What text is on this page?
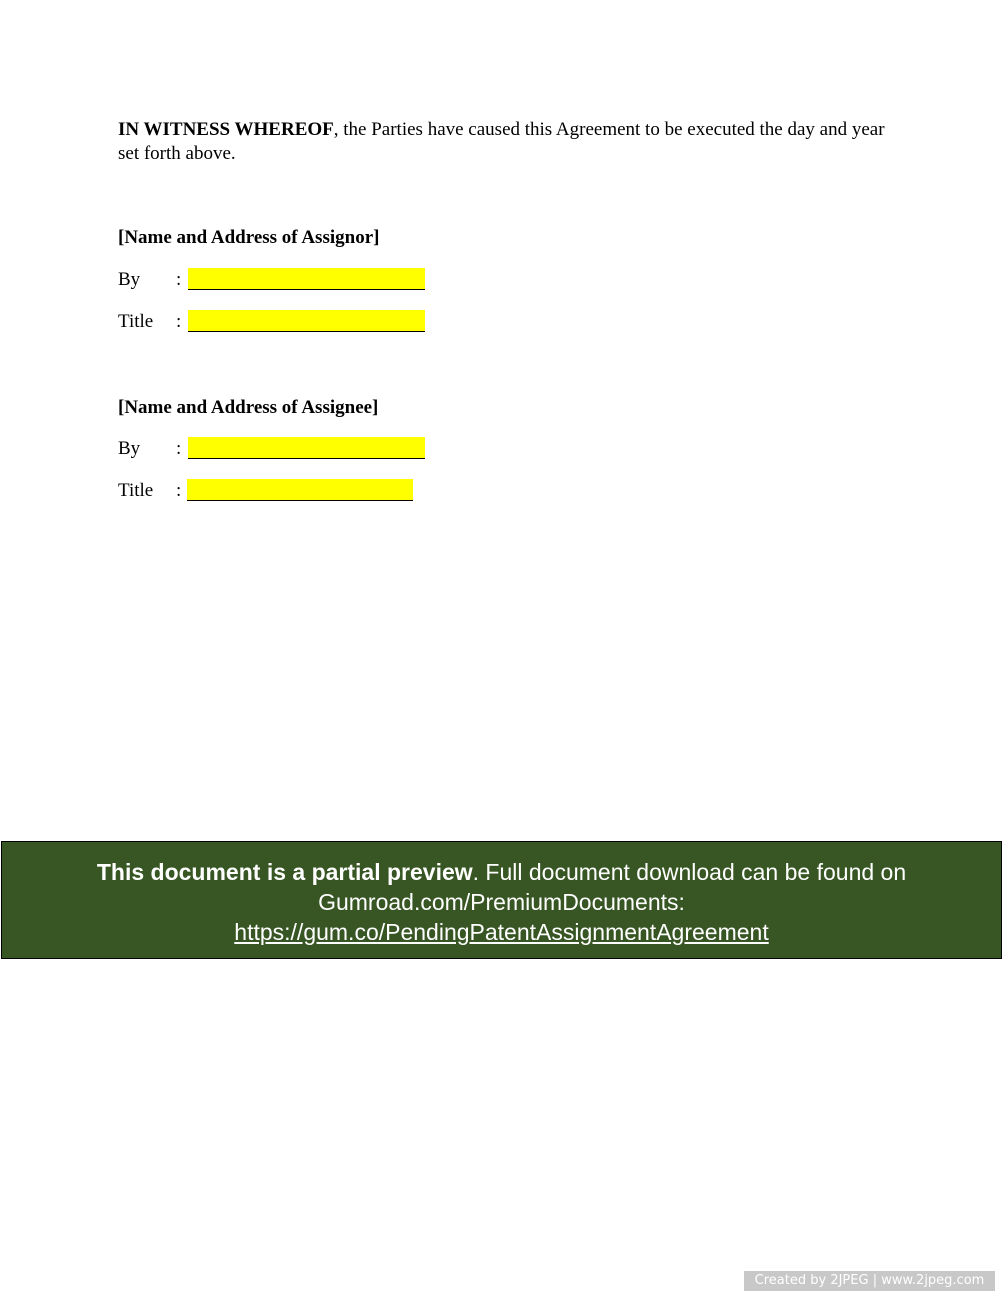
IN WITNESS WHEREOF, the Parties have caused this Agreement to be executed the day and year set forth above.

[Name and Address of Assignor]
By :
Title :
[Name and Address of Assignee]
By :
Title :
This document is a partial preview. Full document download can be found on
Gumroad.com/PremiumDocuments:
https://gum.co/PendingPatentAssignmentAgreement
Created by 2JPEG | www.2jpeg.com
